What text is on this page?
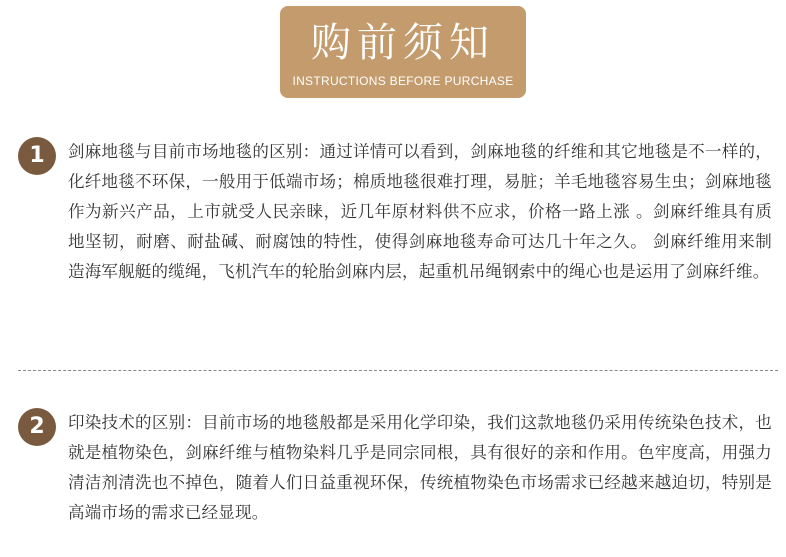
购前须知
INSTRUCTIONS BEFORE PURCHASE
1	剑麻地毯与目前市场地毯的区别：通过详情可以看到，剑麻地毯的纤维和其它地毯是不一样的，化纤地毯不环保，一般用于低端市场；棉质地毯很难打理，易脏；羊毛地毯容易生虫；剑麻地毯作为新兴产品，上市就受人民亲睐，近几年原材料供不应求，价格一路上涨 。剑麻纤维具有质地坚韧，耐磨、耐盐碱、耐腐蚀的特性，使得剑麻地毯寿命可达几十年之久。 剑麻纤维用来制造海军舰艇的缆绳，飞机汽车的轮胎剑麻内层，起重机吊绳钢索中的绳心也是运用了剑麻纤维。
2	印染技术的区别：目前市场的地毯般都是采用化学印染，我们这款地毯仍采用传统染色技术，也就是植物染色，剑麻纤维与植物染料几乎是同宗同根，具有很好的亲和作用。色牢度高，用强力清洁剂清洗也不掉色，随着人们日益重视环保，传统植物染色市场需求已经越来越迫切，特别是高端市场的需求已经显现。
